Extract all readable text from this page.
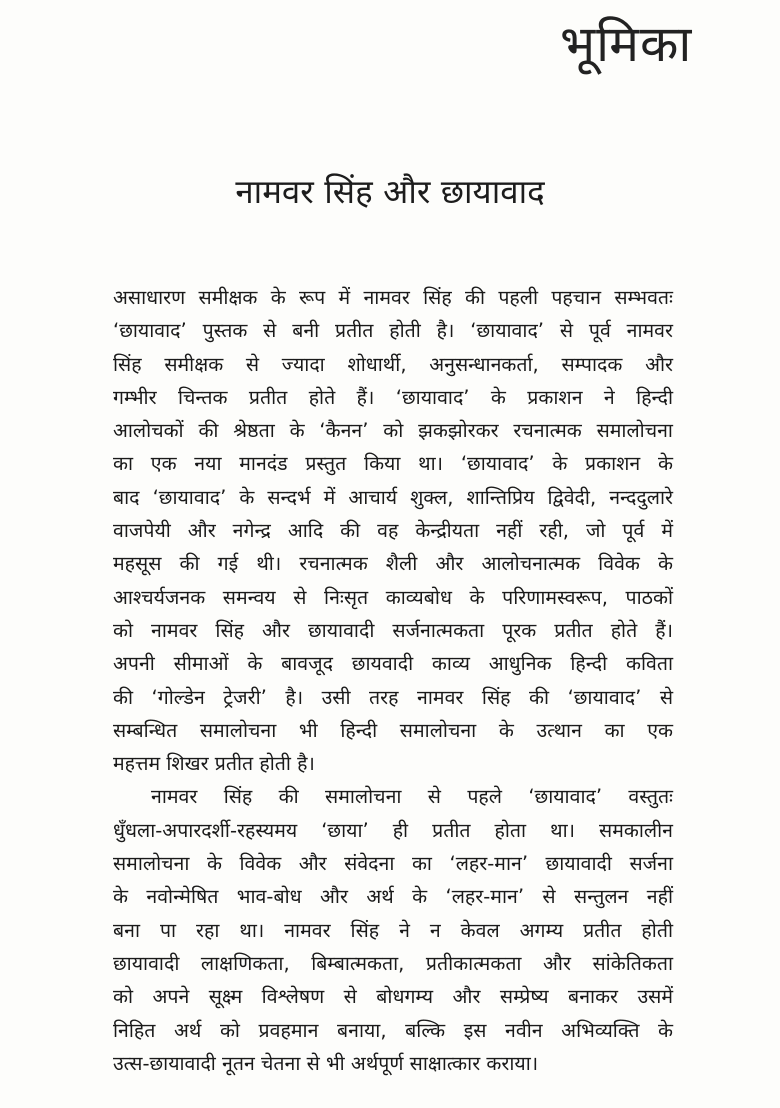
भूमिका
नामवर सिंह और छायावाद
असाधारण समीक्षक के रूप में नामवर सिंह की पहली पहचान सम्भवतः
‘छायावाद’ पुस्तक से बनी प्रतीत होती है। ‘छायावाद’ से पूर्व नामवर
सिंह समीक्षक से ज्यादा शोधार्थी, अनुसन्धानकर्ता, सम्पादक और
गम्भीर चिन्तक प्रतीत होते हैं। ‘छायावाद’ के प्रकाशन ने हिन्दी
आलोचकों की श्रेष्ठता के ‘कैनन’ को झकझोरकर रचनात्मक समालोचना
का एक नया मानदंड प्रस्तुत किया था। ‘छायावाद’ के प्रकाशन के
बाद ‘छायावाद’ के सन्दर्भ में आचार्य शुक्ल, शान्तिप्रिय द्विवेदी, नन्ददुलारे
वाजपेयी और नगेन्द्र आदि की वह केन्द्रीयता नहीं रही, जो पूर्व में
महसूस की गई थी। रचनात्मक शैली और आलोचनात्मक विवेक के
आश्चर्यजनक समन्वय से निःसृत काव्यबोध के परिणामस्वरूप, पाठकों
को नामवर सिंह और छायावादी सर्जनात्मकता पूरक प्रतीत होते हैं।
अपनी सीमाओं के बावजूद छायवादी काव्य आधुनिक हिन्दी कविता
की ‘गोल्डेन ट्रेजरी’ है। उसी तरह नामवर सिंह की ‘छायावाद’ से
सम्बन्धित समालोचना भी हिन्दी समालोचना के उत्थान का एक
महत्तम शिखर प्रतीत होती है।
नामवर सिंह की समालोचना से पहले ‘छायावाद’ वस्तुतः
धुँधला-अपारदर्शी-रहस्यमय ‘छाया’ ही प्रतीत होता था। समकालीन
समालोचना के विवेक और संवेदना का ‘लहर-मान’ छायावादी सर्जना
के नवोन्मेषित भाव-बोध और अर्थ के ‘लहर-मान’ से सन्तुलन नहीं
बना पा रहा था। नामवर सिंह ने न केवल अगम्य प्रतीत होती
छायावादी लाक्षणिकता, बिम्बात्मकता, प्रतीकात्मकता और सांकेतिकता
को अपने सूक्ष्म विश्लेषण से बोधगम्य और सम्प्रेष्य बनाकर उसमें
निहित अर्थ को प्रवहमान बनाया, बल्कि इस नवीन अभिव्यक्ति के
उत्स-छायावादी नूतन चेतना से भी अर्थपूर्ण साक्षात्कार कराया।
